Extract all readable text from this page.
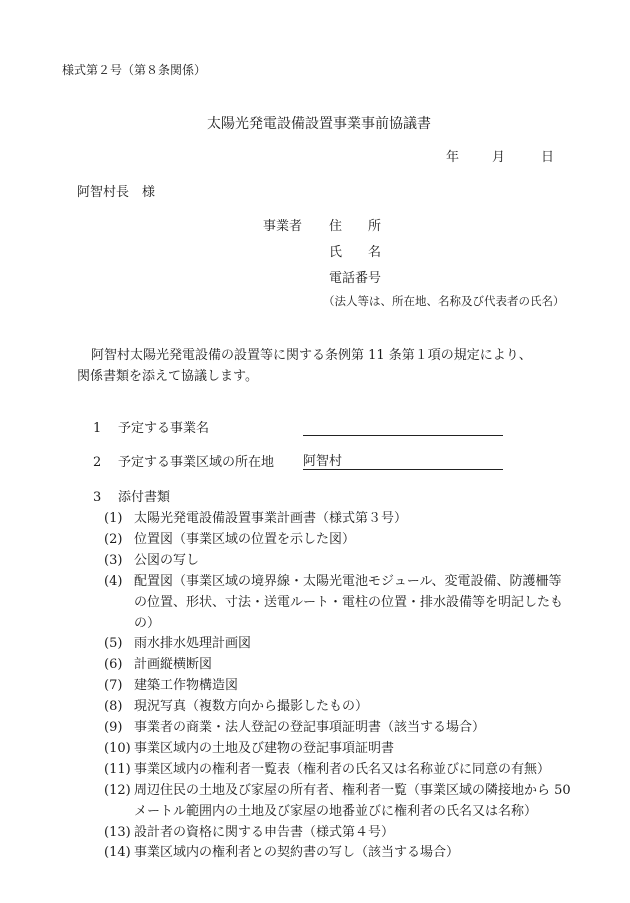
様式第２号（第８条関係）
太陽光発電設備設置事業事前協議書
年	月	日
阿智村長　様
事業者 住　　所
氏　　名
電話番号
（法人等は、所在地、名称及び代表者の氏名）
阿智村太陽光発電設備の設置等に関する条例第 11 条第１項の規定により、
関係書類を添えて協議します。
1 予定する事業名
2 予定する事業区域の所在地 阿智村
3 添付書類
(1) 太陽光発電設備設置事業計画書（様式第３号）
(2) 位置図（事業区域の位置を示した図）
(3) 公図の写し
(4) 配置図（事業区域の境界線・太陽光電池モジュール、変電設備、防護柵等
の位置、形状、寸法・送電ルート・電柱の位置・排水設備等を明記したも
の）
(5) 雨水排水処理計画図
(6) 計画縦横断図
(7) 建築工作物構造図
(8) 現況写真（複数方向から撮影したもの）
(9) 事業者の商業・法人登記の登記事項証明書（該当する場合）
(10) 事業区域内の土地及び建物の登記事項証明書
(11) 事業区域内の権利者一覧表（権利者の氏名又は名称並びに同意の有無）
(12) 周辺住民の土地及び家屋の所有者、権利者一覧（事業区域の隣接地から 50
メートル範囲内の土地及び家屋の地番並びに権利者の氏名又は名称）
(13) 設計者の資格に関する申告書（様式第４号）
(14) 事業区域内の権利者との契約書の写し（該当する場合）
